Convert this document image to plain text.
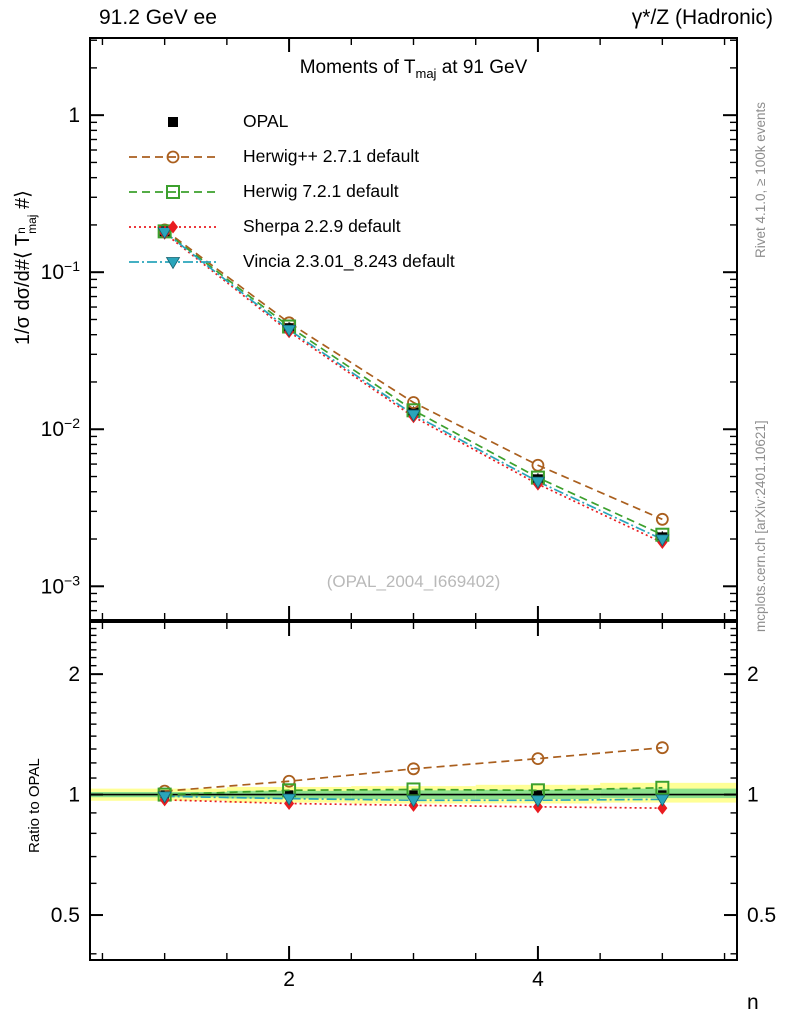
1
$10^{-1}$
$10^{-2}$
$10^{-3}$
0.5	0.5
1	1
2	2
2	4
91.2 GeV ee	γ*/Z (Hadronic)
Moments of $T_{maj}$ at 91 GeV
1/σ dσ/d#⟨ Tn
maj #⟩
Ratio to OPAL
OPAL
Herwig++ 2.7.1 default
Herwig 7.2.1 default
Sherpa 2.2.9 default
Vincia 2.3.01_8.243 default
(OPAL_2004_I669402)
Rivet 4.1.0, ≥ 100k events
mcplots.cern.ch [arXiv:2401.10621]
n
